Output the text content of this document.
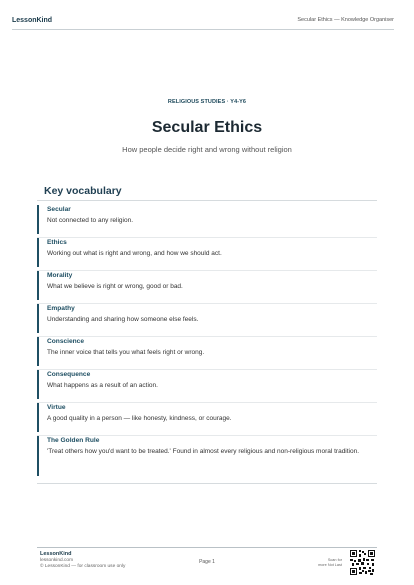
LessonKind	Secular Ethics — Knowledge Organiser
RELIGIOUS STUDIES · Y4-Y6
Secular Ethics
How people decide right and wrong without religion
Key vocabulary
Secular
Not connected to any religion.
Ethics
Working out what is right and wrong, and how we should act.
Morality
What we believe is right or wrong, good or bad.
Empathy
Understanding and sharing how someone else feels.
Conscience
The inner voice that tells you what feels right or wrong.
Consequence
What happens as a result of an action.
Virtue
A good quality in a person — like honesty, kindness, or courage.
The Golden Rule
'Treat others how you'd want to be treated.' Found in almost every religious and non-religious moral tradition.
LessonKind
lessonkind.com
© LessonKind — for classroom use only
Page 1	Scan for
more Not Last
